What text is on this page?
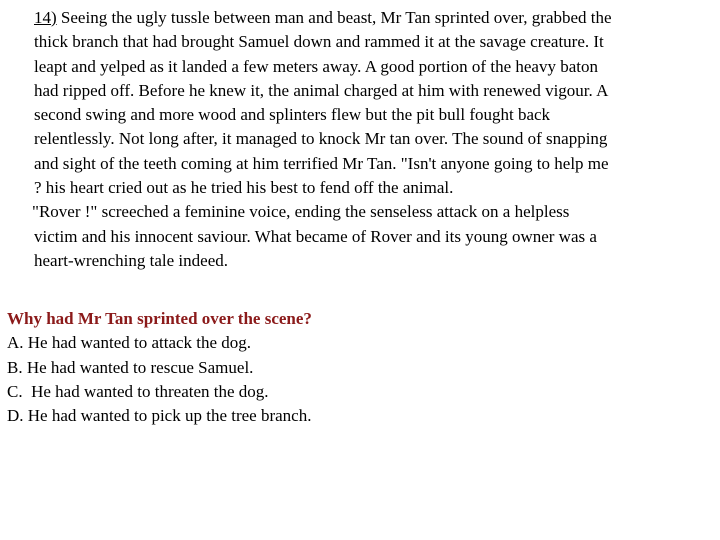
14) Seeing the ugly tussle between man and beast, Mr Tan sprinted over, grabbed the
thick branch that had brought Samuel down and rammed it at the savage creature. It
leapt and yelped as it landed a few meters away. A good portion of the heavy baton
had ripped off. Before he knew it, the animal charged at him with renewed vigour. A
second swing and more wood and splinters flew but the pit bull fought back
relentlessly. Not long after, it managed to knock Mr tan over. The sound of snapping
and sight of the teeth coming at him terrified Mr Tan. "Isn't anyone going to help me
? his heart cried out as he tried his best to fend off the animal.
"Rover !" screeched a feminine voice, ending the senseless attack on a helpless
victim and his innocent saviour. What became of Rover and its young owner was a
heart-wrenching tale indeed.
Why had Mr Tan sprinted over the scene?
A. He had wanted to attack the dog.
B. He had wanted to rescue Samuel.
C.  He had wanted to threaten the dog.
D. He had wanted to pick up the tree branch.
